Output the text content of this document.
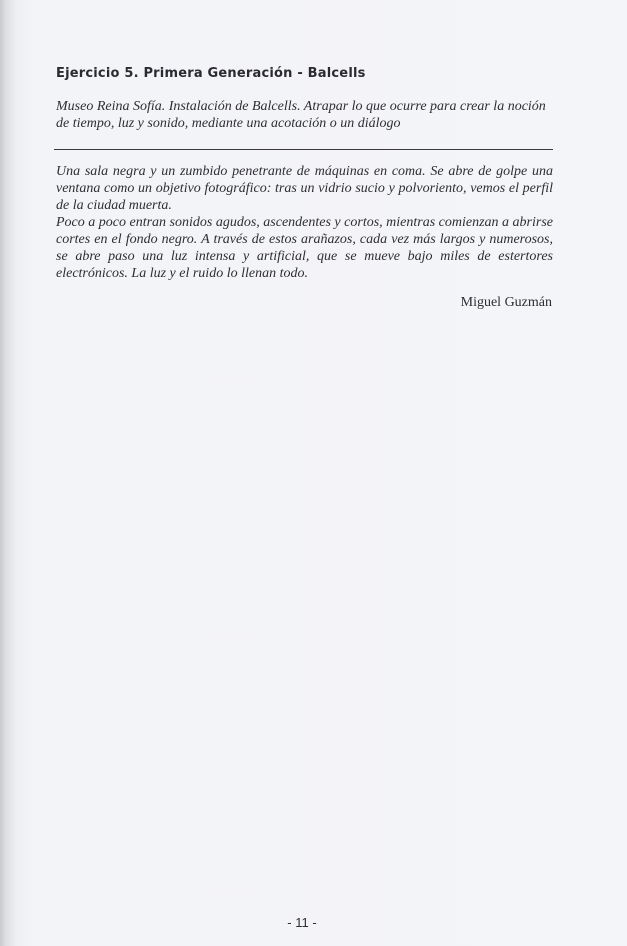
Ejercicio 5. Primera Generación - Balcells
Museo Reina Sofía. Instalación de Balcells. Atrapar lo que ocurre para crear la noción de tiempo, luz y sonido, mediante una acotación o un diálogo

Una sala negra y un zumbido penetrante de máquinas en coma. Se abre de golpe una ventana como un objetivo fotográfico: tras un vidrio sucio y polvoriento, vemos el perfil de la ciudad muerta.

Poco a poco entran sonidos agudos, ascendentes y cortos, mientras comienzan a abrirse cortes en el fondo negro. A través de estos arañazos, cada vez más largos y numerosos, se abre paso una luz intensa y artificial, que se mueve bajo miles de estertores electrónicos. La luz y el ruido lo llenan todo.

Miguel Guzmán
- 11 -
